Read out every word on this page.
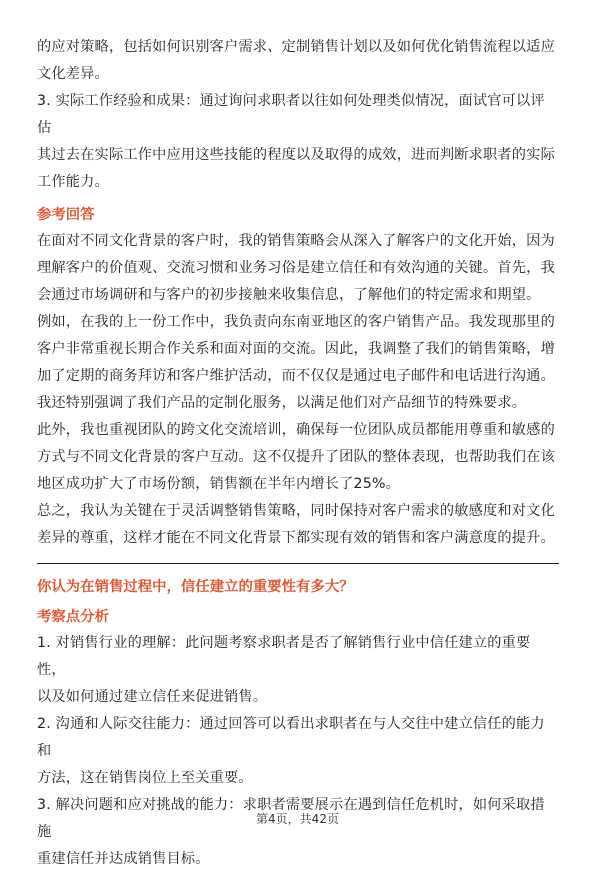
的应对策略，包括如何识别客户需求、定制销售计划以及如何优化销售流程以适应
文化差异。

3. 实际工作经验和成果：通过询问求职者以往如何处理类似情况，面试官可以评估
其过去在实际工作中应用这些技能的程度以及取得的成效，进而判断求职者的实际
工作能力。

参考回答

在面对不同文化背景的客户时，我的销售策略会从深入了解客户的文化开始，因为
理解客户的价值观、交流习惯和业务习俗是建立信任和有效沟通的关键。首先，我
会通过市场调研和与客户的初步接触来收集信息，了解他们的特定需求和期望。

例如，在我的上一份工作中，我负责向东南亚地区的客户销售产品。我发现那里的
客户非常重视长期合作关系和面对面的交流。因此，我调整了我们的销售策略，增
加了定期的商务拜访和客户维护活动，而不仅仅是通过电子邮件和电话进行沟通。
我还特别强调了我们产品的定制化服务，以满足他们对产品细节的特殊要求。

此外，我也重视团队的跨文化交流培训，确保每一位团队成员都能用尊重和敏感的
方式与不同文化背景的客户互动。这不仅提升了团队的整体表现，也帮助我们在该
地区成功扩大了市场份额，销售额在半年内增长了25%。

总之，我认为关键在于灵活调整销售策略，同时保持对客户需求的敏感度和对文化
差异的尊重，这样才能在不同文化背景下都实现有效的销售和客户满意度的提升。

你认为在销售过程中，信任建立的重要性有多大？

考察点分析

1. 对销售行业的理解：此问题考察求职者是否了解销售行业中信任建立的重要性，
以及如何通过建立信任来促进销售。

2. 沟通和人际交往能力：通过回答可以看出求职者在与人交往中建立信任的能力和
方法，这在销售岗位上至关重要。

3. 解决问题和应对挑战的能力：求职者需要展示在遇到信任危机时，如何采取措施
重建信任并达成销售目标。

第4页，共42页
